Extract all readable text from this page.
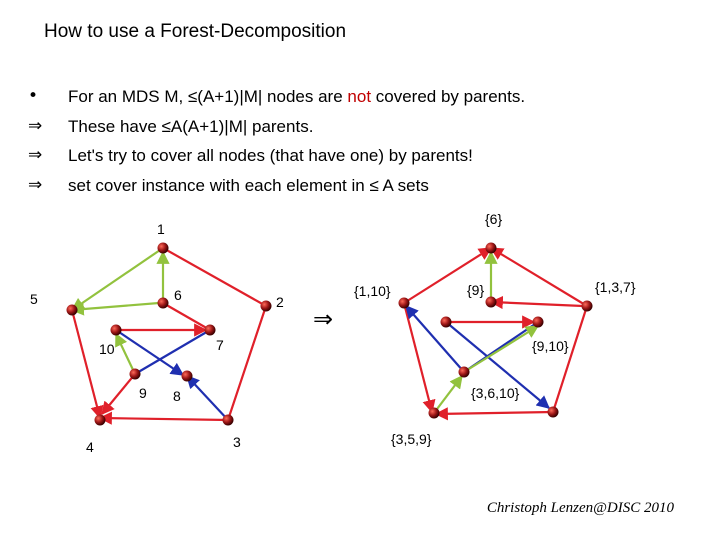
How to use a Forest-Decomposition
•	For an MDS M, ≤(A+1)|M| nodes are not covered by parents.
⇒	These have ≤A(A+1)|M| parents.
⇒	Let's try to cover all nodes (that have one) by parents!
⇒	set cover instance with each element in ≤ A sets
1
5	6	2
10	7
9 8
4	3
⇒
{6}
{1,10}	{9}	{1,3,7}
{9,10}
{3,6,10}
{3,5,9}
Christoph Lenzen@DISC 2010
